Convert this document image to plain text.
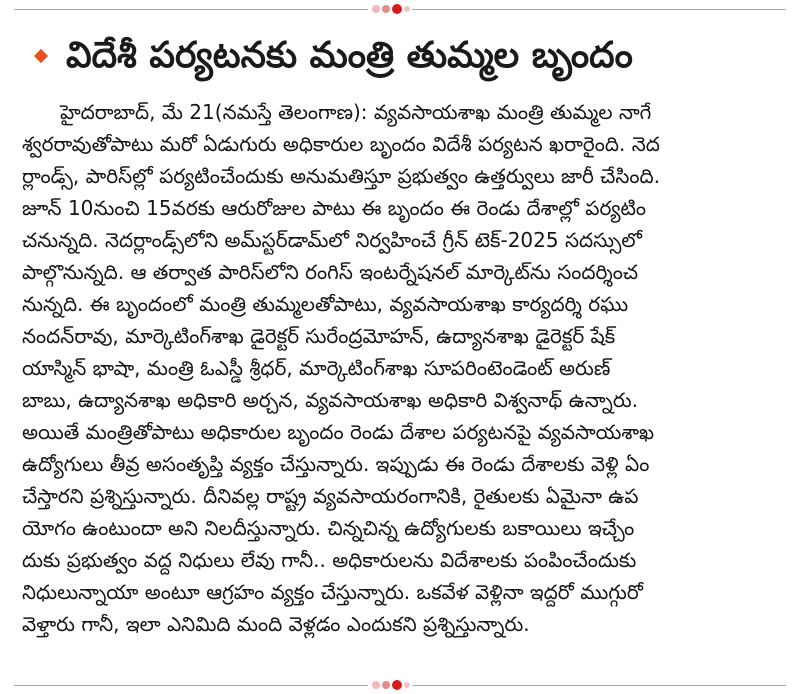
విదేశీ పర్యటనకు మంత్రి తుమ్మల బృందం
హైదరాబాద్, మే 21(నమస్తే తెలంగాణ): వ్యవసాయశాఖ మంత్రి తుమ్మల నాగే
శ్వరరావుతోపాటు మరో ఏడుగురు అధికారుల బృందం విదేశీ పర్యటన ఖరారైంది. నెద
ర్లాండ్స్, పారిస్‌ల్లో పర్యటించేందుకు అనుమతిస్తూ ప్రభుత్వం ఉత్తర్వులు జారీ చేసింది.
జూన్ 10నుంచి 15వరకు ఆరురోజుల పాటు ఈ బృందం ఈ రెండు దేశాల్లో పర్యటిం
చనున్నది. నెదర్లాండ్స్‌లోని అమ్‌స్టర్‌డామ్‌లో నిర్వహించే గ్రీన్ టెక్-2025 సదస్సులో
పాల్గొనున్నది. ఆ తర్వాత పారిస్‌లోని రంగిస్ ఇంటర్నేషనల్ మార్కెట్‌ను సందర్శించ
నున్నది. ఈ బృందంలో మంత్రి తుమ్మలతోపాటు, వ్యవసాయశాఖ కార్యదర్శి రఘు
నందన్‌రావు, మార్కెటింగ్‌శాఖ డైరెక్టర్ సురేంద్రమోహన్, ఉద్యానశాఖ డైరెక్టర్ షేక్
యాస్మిన్ భాషా, మంత్రి ఓఎస్డీ శ్రీధర్, మార్కెటింగ్‌శాఖ సూపరింటెండెంట్ అరుణ్
బాబు, ఉద్యానశాఖ అధికారి అర్చన, వ్యవసాయశాఖ అధికారి విశ్వనాథ్ ఉన్నారు.
అయితే మంత్రితోపాటు అధికారుల బృందం రెండు దేశాల పర్యటనపై వ్యవసాయశాఖ
ఉద్యోగులు తీవ్ర అసంతృప్తి వ్యక్తం చేస్తున్నారు. ఇప్పుడు ఈ రెండు దేశాలకు వెళ్లి ఏం
చేస్తారని ప్రశ్నిస్తున్నారు. దీనివల్ల రాష్ట్ర వ్యవసాయరంగానికి, రైతులకు ఏమైనా ఉప
యోగం ఉంటుందా అని నిలదీస్తున్నారు. చిన్నచిన్న ఉద్యోగులకు బకాయిలు ఇచ్చేం
దుకు ప్రభుత్వం వద్ద నిధులు లేవు గానీ.. అధికారులను విదేశాలకు పంపించేందుకు
నిధులున్నాయా అంటూ ఆగ్రహం వ్యక్తం చేస్తున్నారు. ఒకవేళ వెళ్లినా ఇద్దరో ముగ్గురో
వెళ్తారు గానీ, ఇలా ఎనిమిది మంది వెళ్లడం ఎందుకని ప్రశ్నిస్తున్నారు.
